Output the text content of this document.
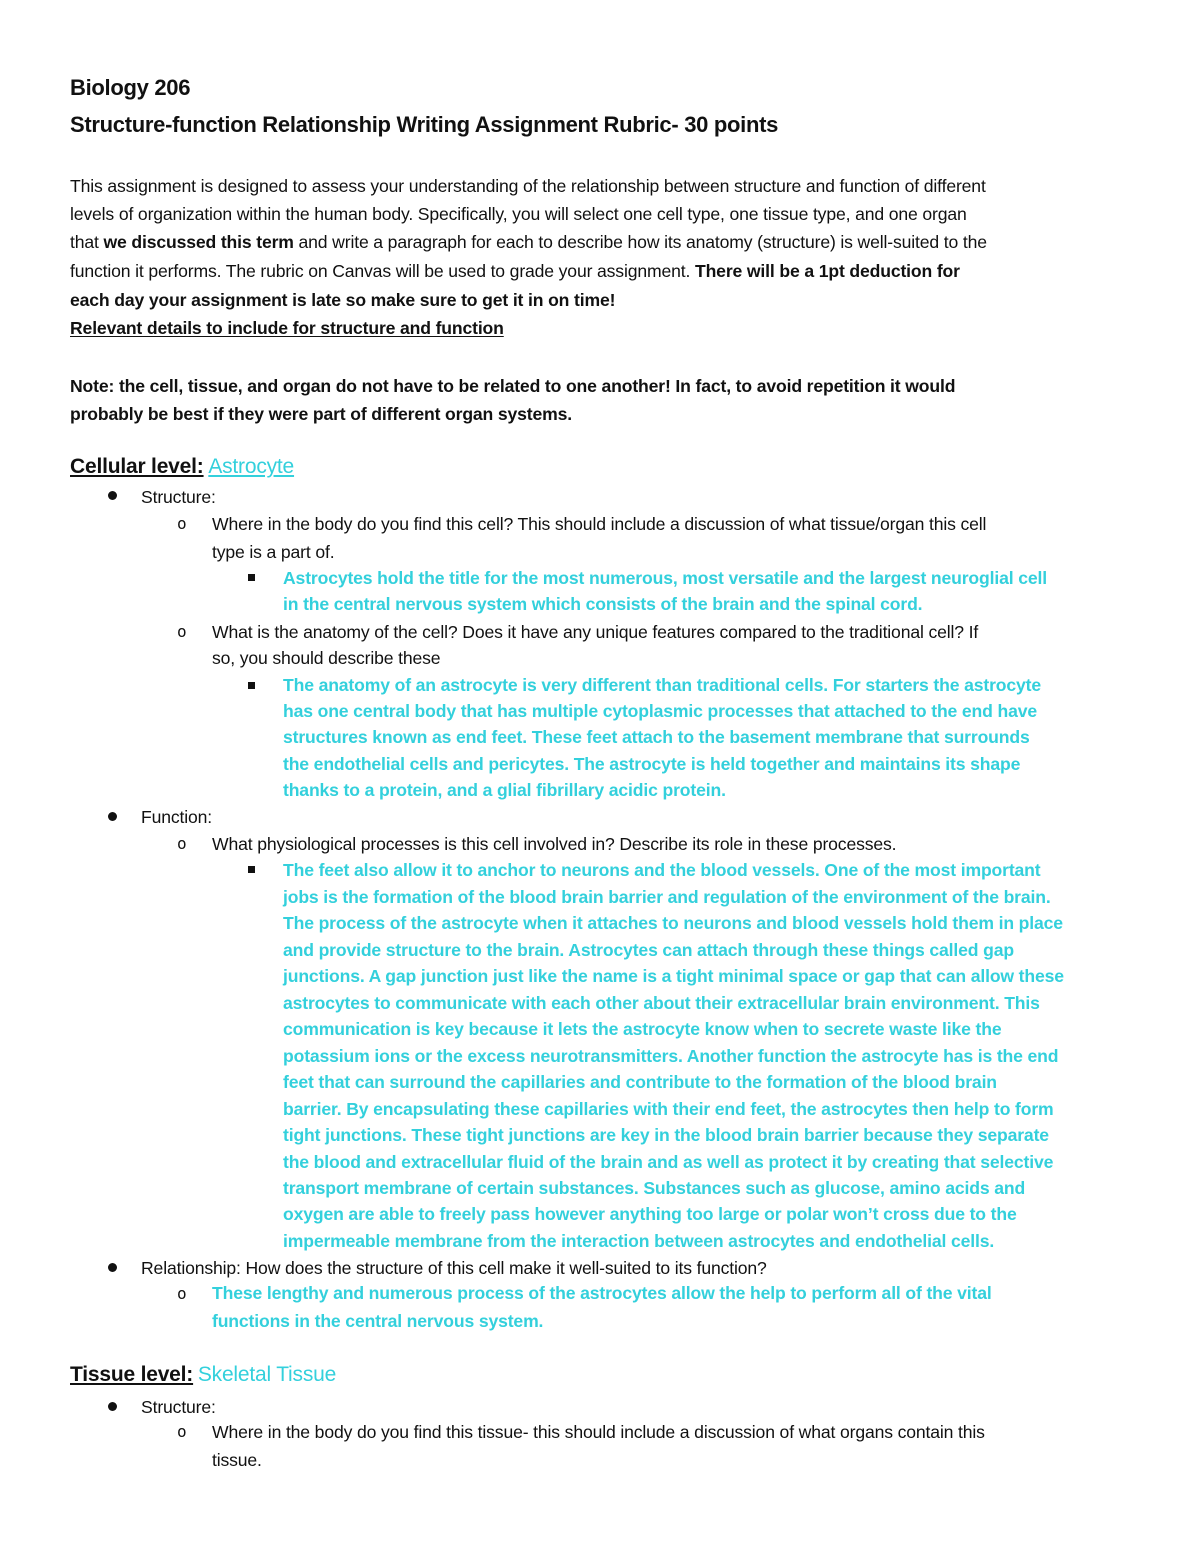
Biology 206
Structure-function Relationship Writing Assignment Rubric- 30 points
This assignment is designed to assess your understanding of the relationship between structure and function of different
levels of organization within the human body. Specifically, you will select one cell type, one tissue type, and one organ
that we discussed this term and write a paragraph for each to describe how its anatomy (structure) is well-suited to the
function it performs. The rubric on Canvas will be used to grade your assignment. There will be a 1pt deduction for
each day your assignment is late so make sure to get it in on time!
Relevant details to include for structure and function
Note: the cell, tissue, and organ do not have to be related to one another! In fact, to avoid repetition it would
probably be best if they were part of different organ systems.
Cellular level: Astrocyte
Structure:
o Where in the body do you find this cell? This should include a discussion of what tissue/organ this cell
type is a part of.
Astrocytes hold the title for the most numerous, most versatile and the largest neuroglial cell
in the central nervous system which consists of the brain and the spinal cord.
o What is the anatomy of the cell? Does it have any unique features compared to the traditional cell? If
so, you should describe these
The anatomy of an astrocyte is very different than traditional cells. For starters the astrocyte
has one central body that has multiple cytoplasmic processes that attached to the end have
structures known as end feet. These feet attach to the basement membrane that surrounds
the endothelial cells and pericytes. The astrocyte is held together and maintains its shape
thanks to a protein, and a glial fibrillary acidic protein.
Function:
o What physiological processes is this cell involved in? Describe its role in these processes.
The feet also allow it to anchor to neurons and the blood vessels. One of the most important
jobs is the formation of the blood brain barrier and regulation of the environment of the brain.
The process of the astrocyte when it attaches to neurons and blood vessels hold them in place
and provide structure to the brain. Astrocytes can attach through these things called gap
junctions. A gap junction just like the name is a tight minimal space or gap that can allow these
astrocytes to communicate with each other about their extracellular brain environment. This
communication is key because it lets the astrocyte know when to secrete waste like the
potassium ions or the excess neurotransmitters. Another function the astrocyte has is the end
feet that can surround the capillaries and contribute to the formation of the blood brain
barrier. By encapsulating these capillaries with their end feet, the astrocytes then help to form
tight junctions. These tight junctions are key in the blood brain barrier because they separate
the blood and extracellular fluid of the brain and as well as protect it by creating that selective
transport membrane of certain substances. Substances such as glucose, amino acids and
oxygen are able to freely pass however anything too large or polar won’t cross due to the
impermeable membrane from the interaction between astrocytes and endothelial cells.
Relationship: How does the structure of this cell make it well-suited to its function?
o These lengthy and numerous process of the astrocytes allow the help to perform all of the vital
functions in the central nervous system.
Tissue level: Skeletal Tissue
Structure:
o Where in the body do you find this tissue- this should include a discussion of what organs contain this
tissue.
